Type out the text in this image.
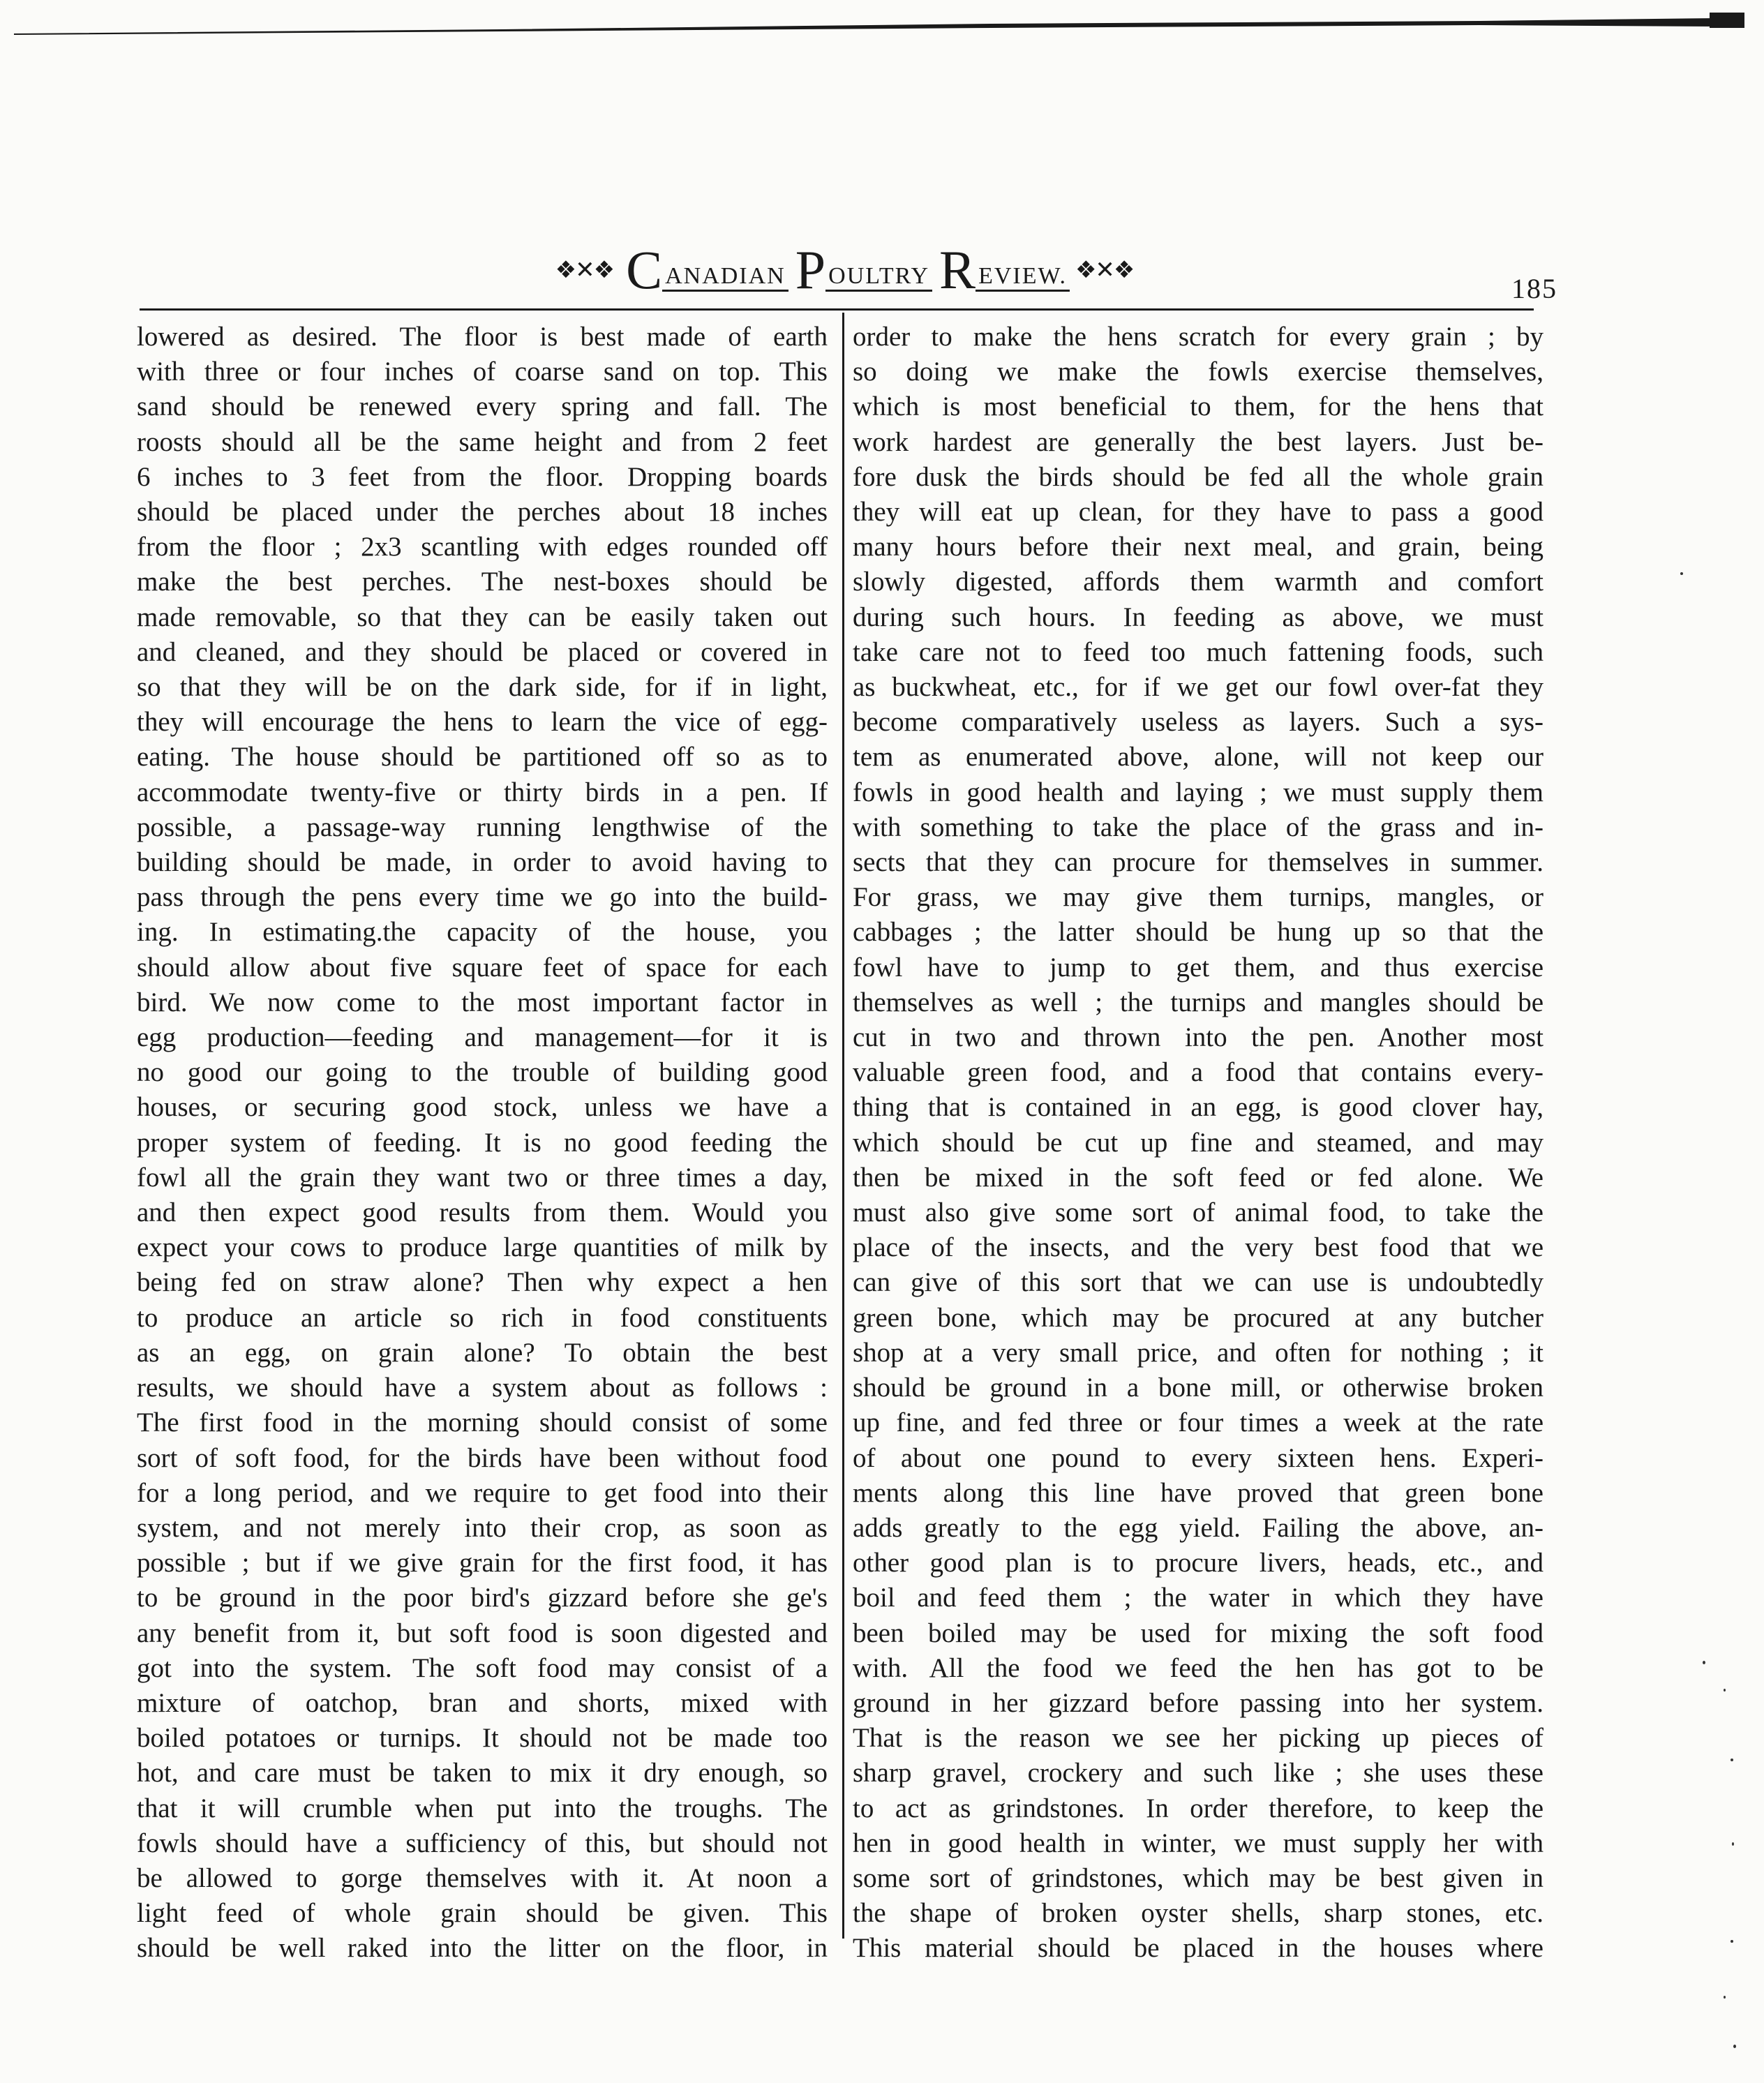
❖✕❖ C ANADIAN P OULTRY R EVIEW. ❖✕❖
185
lowered as desired. The floor is best made of earth
with three or four inches of coarse sand on top. This
sand should be renewed every spring and fall. The
roosts should all be the same height and from 2 feet
6 inches to 3 feet from the floor. Dropping boards
should be placed under the perches about 18 inches
from the floor ; 2x3 scantling with edges rounded off
make the best perches. The nest-boxes should be
made removable, so that they can be easily taken out
and cleaned, and they should be placed or covered in
so that they will be on the dark side, for if in light,
they will encourage the hens to learn the vice of egg-
eating. The house should be partitioned off so as to
accommodate twenty-five or thirty birds in a pen. If
possible, a passage-way running lengthwise of the
building should be made, in order to avoid having to
pass through the pens every time we go into the build-
ing. In estimating.the capacity of the house, you
should allow about five square feet of space for each
bird. We now come to the most important factor in
egg production—feeding and management—for it is
no good our going to the trouble of building good
houses, or securing good stock, unless we have a
proper system of feeding. It is no good feeding the
fowl all the grain they want two or three times a day,
and then expect good results from them. Would you
expect your cows to produce large quantities of milk by
being fed on straw alone? Then why expect a hen
to produce an article so rich in food constituents
as an egg, on grain alone? To obtain the best
results, we should have a system about as follows :
The first food in the morning should consist of some
sort of soft food, for the birds have been without food
for a long period, and we require to get food into their
system, and not merely into their crop, as soon as
possible ; but if we give grain for the first food, it has
to be ground in the poor bird's gizzard before she ge's
any benefit from it, but soft food is soon digested and
got into the system. The soft food may consist of a
mixture of oatchop, bran and shorts, mixed with
boiled potatoes or turnips. It should not be made too
hot, and care must be taken to mix it dry enough, so
that it will crumble when put into the troughs. The
fowls should have a sufficiency of this, but should not
be allowed to gorge themselves with it. At noon a
light feed of whole grain should be given. This
should be well raked into the litter on the floor, in
order to make the hens scratch for every grain ; by
so doing we make the fowls exercise themselves,
which is most beneficial to them, for the hens that
work hardest are generally the best layers. Just be-
fore dusk the birds should be fed all the whole grain
they will eat up clean, for they have to pass a good
many hours before their next meal, and grain, being
slowly digested, affords them warmth and comfort
during such hours. In feeding as above, we must
take care not to feed too much fattening foods, such
as buckwheat, etc., for if we get our fowl over-fat they
become comparatively useless as layers. Such a sys-
tem as enumerated above, alone, will not keep our
fowls in good health and laying ; we must supply them
with something to take the place of the grass and in-
sects that they can procure for themselves in summer.
For grass, we may give them turnips, mangles, or
cabbages ; the latter should be hung up so that the
fowl have to jump to get them, and thus exercise
themselves as well ; the turnips and mangles should be
cut in two and thrown into the pen. Another most
valuable green food, and a food that contains every-
thing that is contained in an egg, is good clover hay,
which should be cut up fine and steamed, and may
then be mixed in the soft feed or fed alone. We
must also give some sort of animal food, to take the
place of the insects, and the very best food that we
can give of this sort that we can use is undoubtedly
green bone, which may be procured at any butcher
shop at a very small price, and often for nothing ; it
should be ground in a bone mill, or otherwise broken
up fine, and fed three or four times a week at the rate
of about one pound to every sixteen hens. Experi-
ments along this line have proved that green bone
adds greatly to the egg yield. Failing the above, an-
other good plan is to procure livers, heads, etc., and
boil and feed them ; the water in which they have
been boiled may be used for mixing the soft food
with. All the food we feed the hen has got to be
ground in her gizzard before passing into her system.
That is the reason we see her picking up pieces of
sharp gravel, crockery and such like ; she uses these
to act as grindstones. In order therefore, to keep the
hen in good health in winter, we must supply her with
some sort of grindstones, which may be best given in
the shape of broken oyster shells, sharp stones, etc.
This material should be placed in the houses where
